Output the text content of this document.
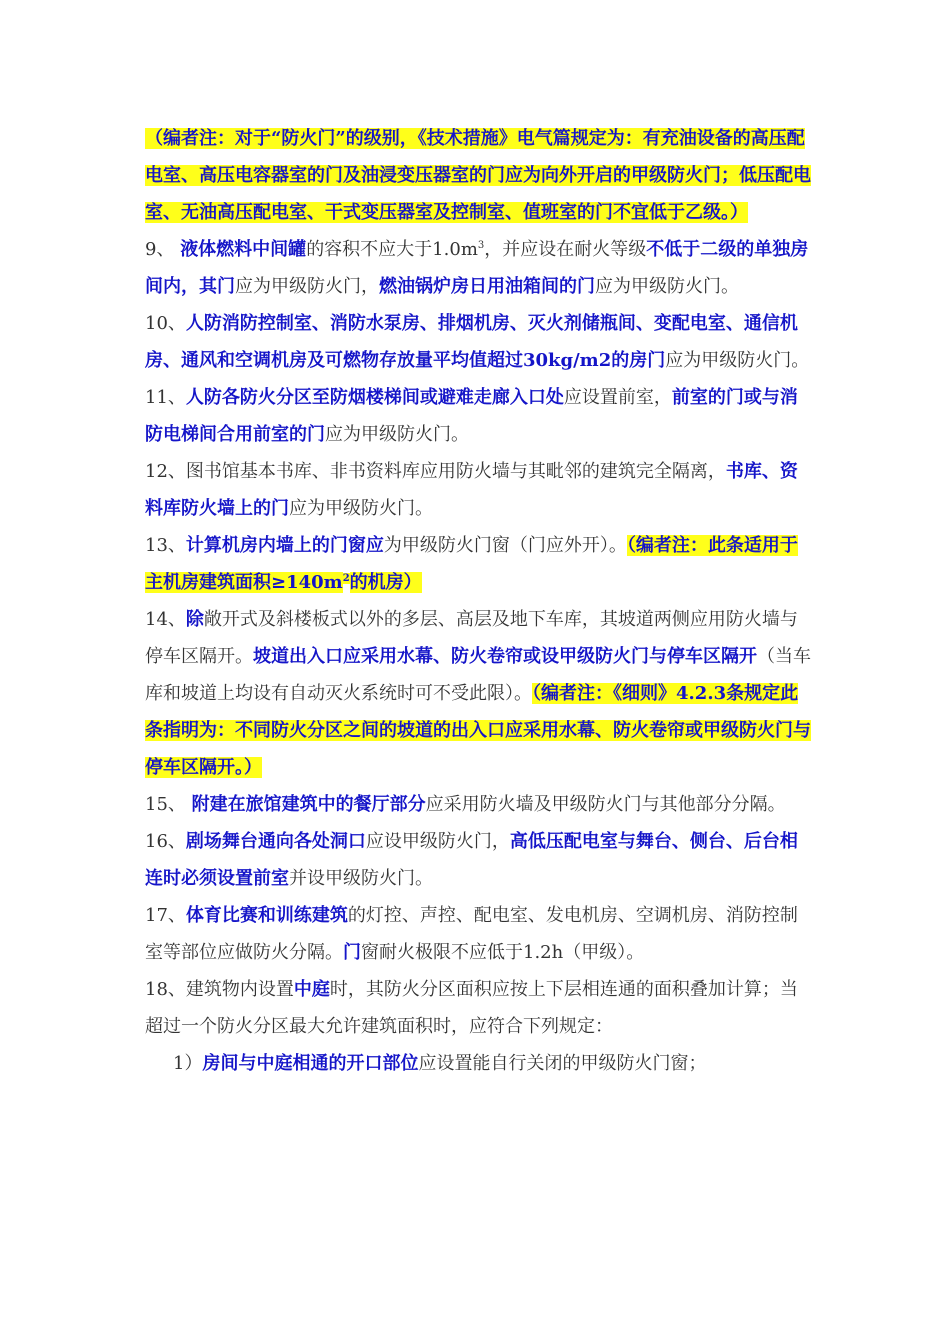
（编者注：对于“防火门”的级别，《技术措施》电气篇规定为：有充油设备的高压配电室、高压电容器室的门及油浸变压器室的门应为向外开启的甲级防火门；低压配电室、无油高压配电室、干式变压器室及控制室、值班室的门不宜低于乙级。）

9、 液体燃料中间罐的容积不应大于$1.0m^3$，并应设在耐火等级不低于二级的单独房间内，其门应为甲级防火门，燃油锅炉房日用油箱间的门应为甲级防火门。

10、人防消防控制室、消防水泵房、排烟机房、灭火剂储瓶间、变配电室、通信机房、通风和空调机房及可燃物存放量平均值超过30kg/m2的房门应为甲级防火门。

11、人防各防火分区至防烟楼梯间或避难走廊入口处应设置前室，前室的门或与消防电梯间合用前室的门应为甲级防火门。

12、图书馆基本书库、非书资料库应用防火墙与其毗邻的建筑完全隔离，书库、资料库防火墙上的门应为甲级防火门。

13、计算机房内墙上的门窗应为甲级防火门窗（门应外开）。（编者注：此条适用于主机房建筑面积$\ge 140m^2$的机房）

14、除敞开式及斜楼板式以外的多层、高层及地下车库，其坡道两侧应用防火墙与停车区隔开。坡道出入口应采用水幕、防火卷帘或设甲级防火门与停车区隔开（当车库和坡道上均设有自动灭火系统时可不受此限）。（编者注：《细则》4.2.3条规定此条指明为：不同防火分区之间的坡道的出入口应采用水幕、防火卷帘或甲级防火门与停车区隔开。）

15、 附建在旅馆建筑中的餐厅部分应采用防火墙及甲级防火门与其他部分分隔。

16、剧场舞台通向各处洞口应设甲级防火门，高低压配电室与舞台、侧台、后台相连时必须设置前室并设甲级防火门。

17、体育比赛和训练建筑的灯控、声控、配电室、发电机房、空调机房、消防控制室等部位应做防火分隔。门窗耐火极限不应低于1.2h（甲级）。

18、建筑物内设置中庭时，其防火分区面积应按上下层相连通的面积叠加计算；当超过一个防火分区最大允许建筑面积时，应符合下列规定：

1）房间与中庭相通的开口部位应设置能自行关闭的甲级防火门窗；
